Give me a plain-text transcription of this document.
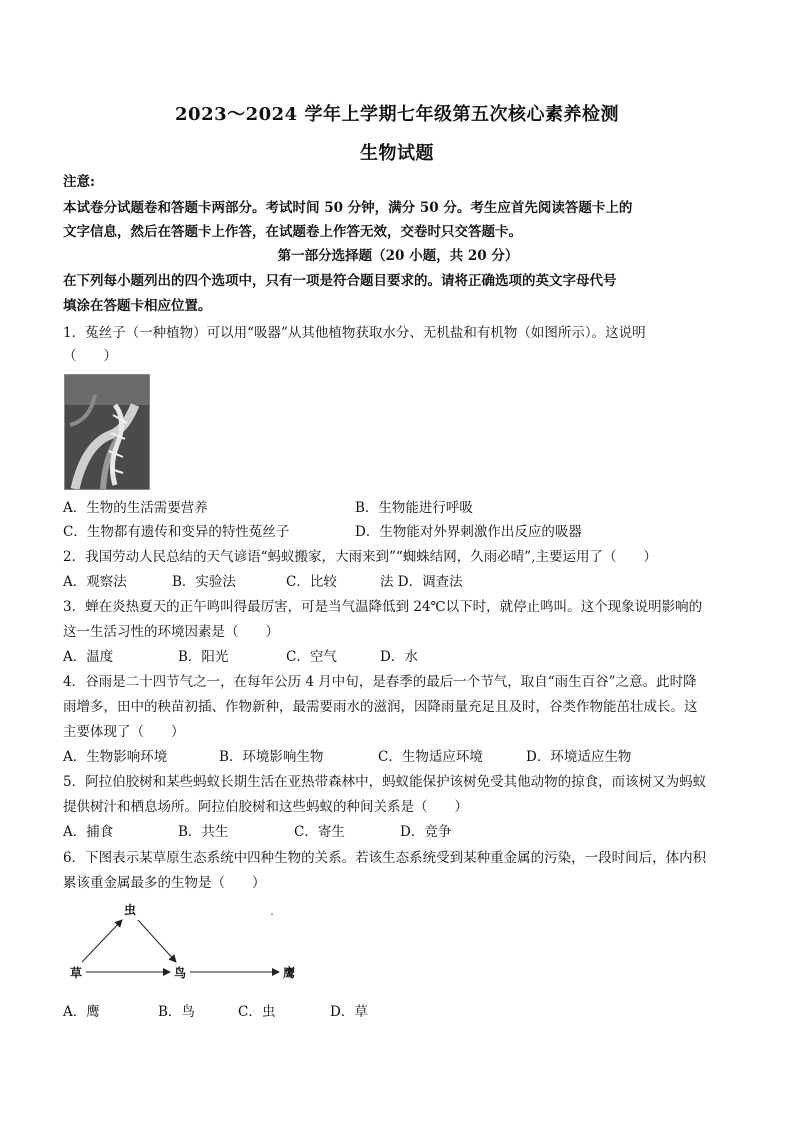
2023～2024 学年上学期七年级第五次核心素养检测
生物试题
注意:
本试卷分试题卷和答题卡两部分。考试时间 50 分钟，满分 50 分。考生应首先阅读答题卡上的
文字信息，然后在答题卡上作答，在试题卷上作答无效，交卷时只交答题卡。
第一部分选择题（20 小题，共 20 分）
在下列每小题列出的四个选项中，只有一项是符合题目要求的。请将正确选项的英文字母代号
填涂在答题卡相应位置。
1．菟丝子（一种植物）可以用“吸器”从其他植物获取水分、无机盐和有机物（如图所示）。这说明
（　　）
A．生物的生活需要营养	B．生物能进行呼吸
C．生物都有遗传和变异的特性菟丝子	D．生物能对外界刺激作出反应的吸器
2．我国劳动人民总结的天气谚语“蚂蚁搬家，大雨来到”“蜘蛛结网，久雨必晴”,主要运用了（　　）
A．观察法	B．实验法	C．比较	法 D．调查法
3．蝉在炎热夏天的正午鸣叫得最厉害，可是当气温降低到 24℃以下时，就停止鸣叫。这个现象说明影响的
这一生活习性的环境因素是（　　）
A．温度	B．阳光	C．空气	D．水
4．谷雨是二十四节气之一，在每年公历 4 月中旬，是春季的最后一个节气，取自“雨生百谷”之意。此时降
雨增多，田中的秧苗初插、作物新种，最需要雨水的滋润，因降雨量充足且及时，谷类作物能茁壮成长。这
主要体现了（　　）
A．生物影响环境	B．环境影响生物	C．生物适应环境	D．环境适应生物
5．阿拉伯胶树和某些蚂蚁长期生活在亚热带森林中，蚂蚁能保护该树免受其他动物的掠食，而该树又为蚂蚁
提供树汁和栖息场所。阿拉伯胶树和这些蚂蚁的种间关系是（　　）
A．捕食	B．共生	C．寄生	D．竞争
6．下图表示某草原生态系统中四种生物的关系。若该生态系统受到某种重金属的污染，一段时间后，体内积
累该重金属最多的生物是（　　）
虫
草	鸟	鹰
A．鹰	B．鸟	C．虫	D．草
